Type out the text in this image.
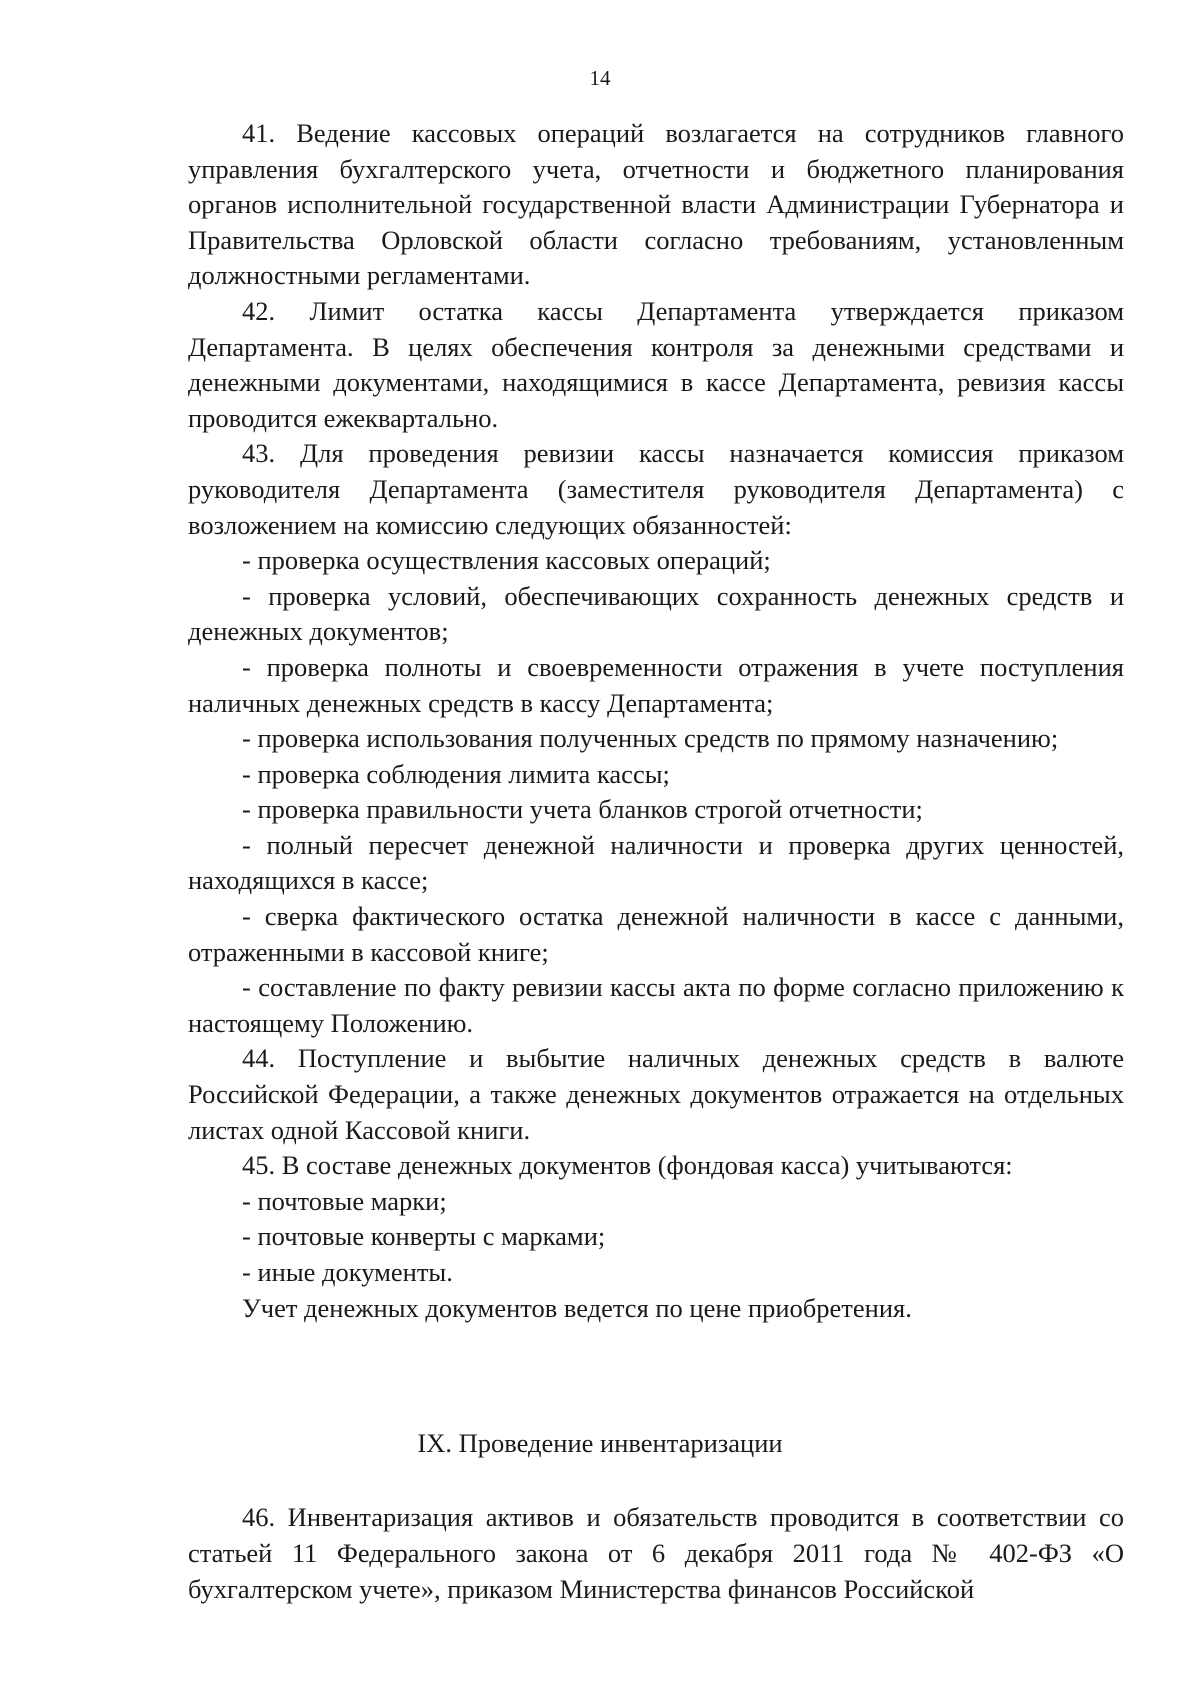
14

41. Ведение кассовых операций возлагается на сотрудников главного управления бухгалтерского учета, отчетности и бюджетного планирования органов исполнительной государственной власти Администрации Губернатора и Правительства Орловской области согласно требованиям, установленным должностными регламентами.

42. Лимит остатка кассы Департамента утверждается приказом Департамента. В целях обеспечения контроля за денежными средствами и денежными документами, находящимися в кассе Департамента, ревизия кассы проводится ежеквартально.

43. Для проведения ревизии кассы назначается комиссия приказом руководителя Департамента (заместителя руководителя Департамента) с возложением на комиссию следующих обязанностей:

- проверка осуществления кассовых операций;

- проверка условий, обеспечивающих сохранность денежных средств и денежных документов;

- проверка полноты и своевременности отражения в учете поступления наличных денежных средств в кассу Департамента;

- проверка использования полученных средств по прямому назначению;

- проверка соблюдения лимита кассы;

- проверка правильности учета бланков строгой отчетности;

- полный пересчет денежной наличности и проверка других ценностей, находящихся в кассе;

- сверка фактического остатка денежной наличности в кассе с данными, отраженными в кассовой книге;

- составление по факту ревизии кассы акта по форме согласно приложению к настоящему Положению.

44. Поступление и выбытие наличных денежных средств в валюте Российской Федерации, а также денежных документов отражается на отдельных листах одной Кассовой книги.

45. В составе денежных документов (фондовая касса) учитываются:

- почтовые марки;

- почтовые конверты с марками;

- иные документы.

Учет денежных документов ведется по цене приобретения.

IX. Проведение инвентаризации

46. Инвентаризация активов и обязательств проводится в соответствии со статьей 11 Федерального закона от 6 декабря 2011 года № 402-ФЗ «О бухгалтерском учете», приказом Министерства финансов Российской
